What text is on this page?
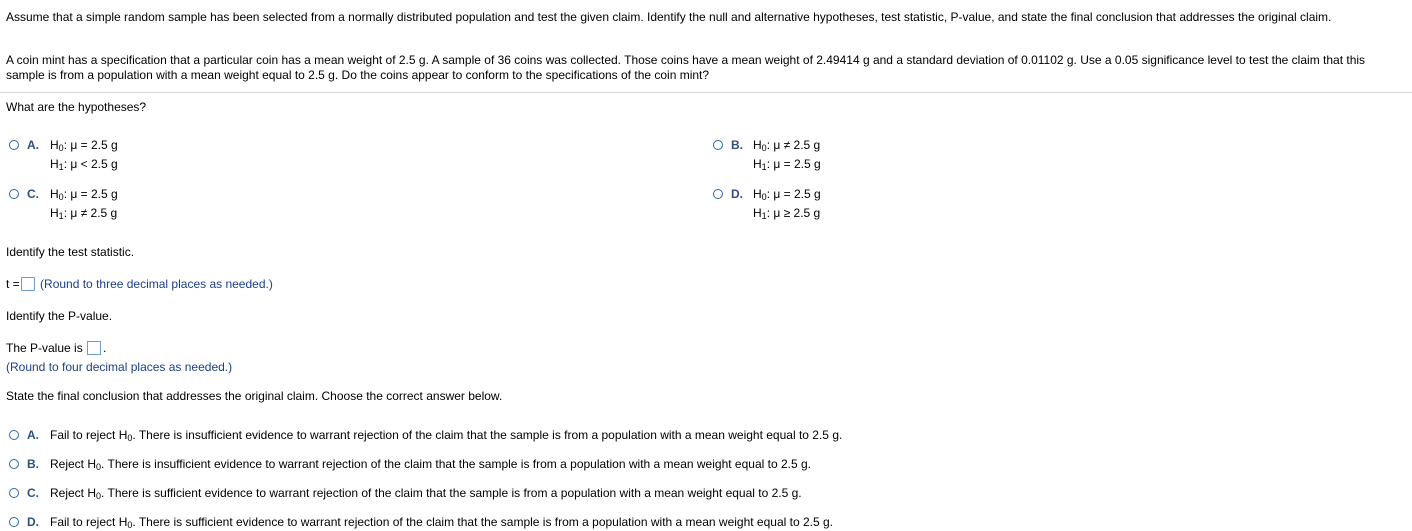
Assume that a simple random sample has been selected from a normally distributed population and test the given claim. Identify the null and alternative hypotheses, test statistic, P-value, and state the final conclusion that addresses the original claim.
A coin mint has a specification that a particular coin has a mean weight of 2.5 g. A sample of 36 coins was collected. Those coins have a mean weight of 2.49414 g and a standard deviation of 0.01102 g. Use a 0.05 significance level to test the claim that this sample is from a population with a mean weight equal to 2.5 g. Do the coins appear to conform to the specifications of the coin mint?
What are the hypotheses?
A. $H_0$: μ = 2.5 g
$H_1$: μ < 2.5 g
B. $H_0$: μ ≠ 2.5 g
$H_1$: μ = 2.5 g
C. $H_0$: μ = 2.5 g
$H_1$: μ ≠ 2.5 g
D. $H_0$: μ = 2.5 g
$H_1$: μ ≥ 2.5 g
Identify the test statistic.
t = (Round to three decimal places as needed.)
Identify the P-value.
The P-value is .
(Round to four decimal places as needed.)
State the final conclusion that addresses the original claim. Choose the correct answer below.
A. Fail to reject $H_0$. There is insufficient evidence to warrant rejection of the claim that the sample is from a population with a mean weight equal to 2.5 g.
B. Reject $H_0$. There is insufficient evidence to warrant rejection of the claim that the sample is from a population with a mean weight equal to 2.5 g.
C. Reject $H_0$. There is sufficient evidence to warrant rejection of the claim that the sample is from a population with a mean weight equal to 2.5 g.
D. Fail to reject $H_0$. There is sufficient evidence to warrant rejection of the claim that the sample is from a population with a mean weight equal to 2.5 g.
